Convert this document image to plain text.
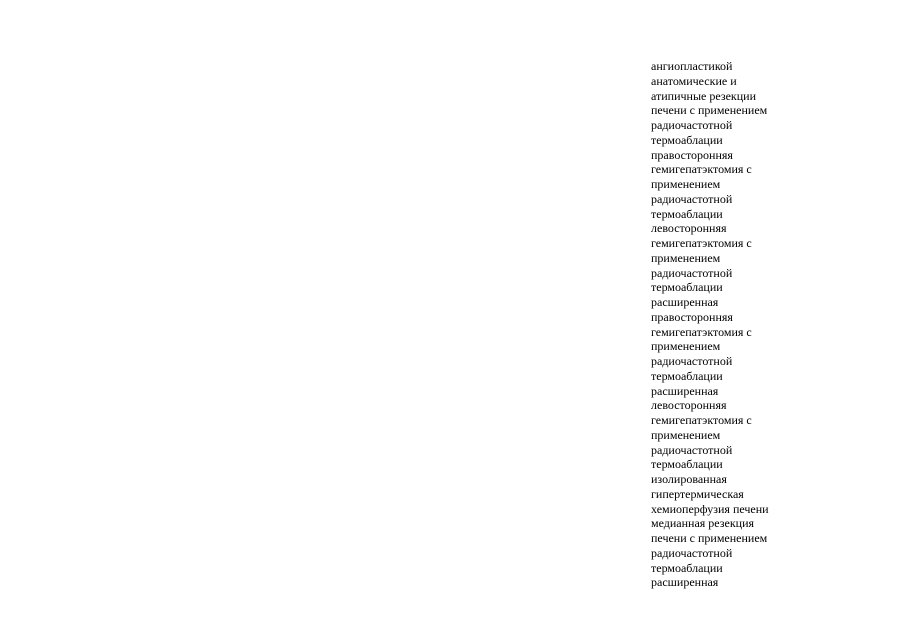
ангиопластикой
анатомические и
атипичные резекции
печени с применением
радиочастотной
термоаблации
правосторонняя
гемигепатэктомия с
применением
радиочастотной
термоаблации
левосторонняя
гемигепатэктомия с
применением
радиочастотной
термоаблации
расширенная
правосторонняя
гемигепатэктомия с
применением
радиочастотной
термоаблации
расширенная
левосторонняя
гемигепатэктомия с
применением
радиочастотной
термоаблации
изолированная
гипертермическая
хемиоперфузия печени
медианная резекция
печени с применением
радиочастотной
термоаблации
расширенная
